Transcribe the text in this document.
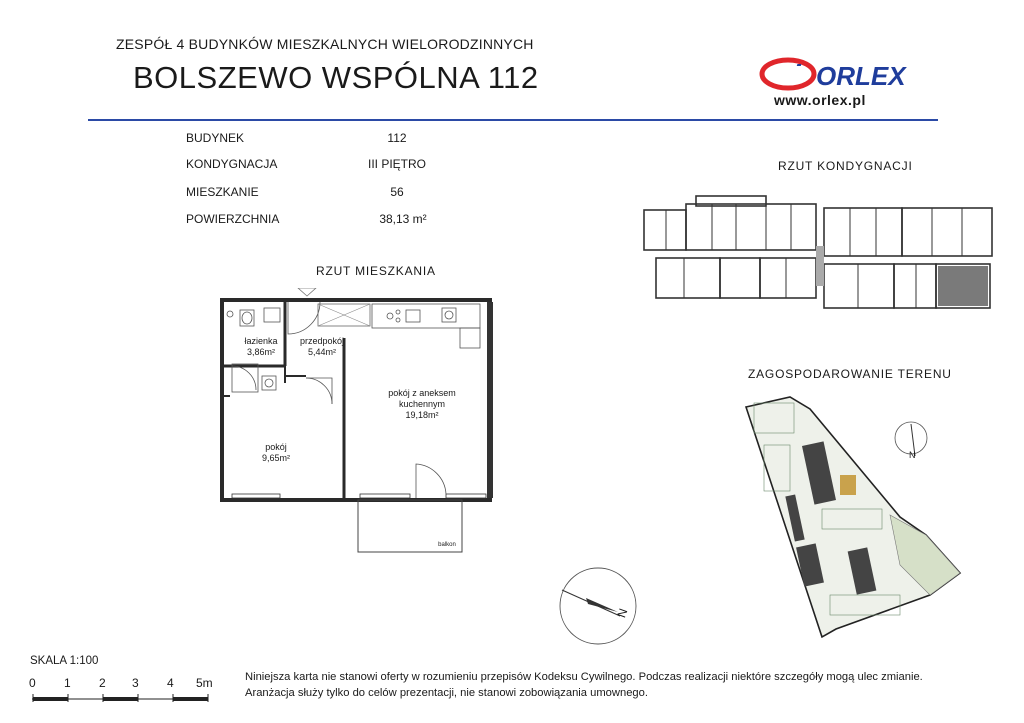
ZESPÓŁ 4 BUDYNKÓW MIESZKALNYCH WIELORODZINNYCH
BOLSZEWO WSPÓLNA 112	ORLEX
www.orlex.pl
BUDYNEK	112
KONDYGNACJA	III PIĘTRO
MIESZKANIE	56
POWIERZCHNIA	38,13 m²
RZUT MIESZKANIA
RZUT KONDYGNACJI
ZAGOSPODAROWANIE TERENU
łazienka
3,86m²
przedpokój
5,44m²
pokój z aneksem
kuchennym
19,18m²
pokój
9,65m²
balkon
N
N
SKALA 1:100
0 1 2 3 4 5m	Niniejsza karta nie stanowi oferty w rozumieniu przepisów Kodeksu Cywilnego. Podczas realizacji niektóre szczegóły mogą ulec zmianie.
Aranżacja służy tylko do celów prezentacji, nie stanowi zobowiązania umownego.
